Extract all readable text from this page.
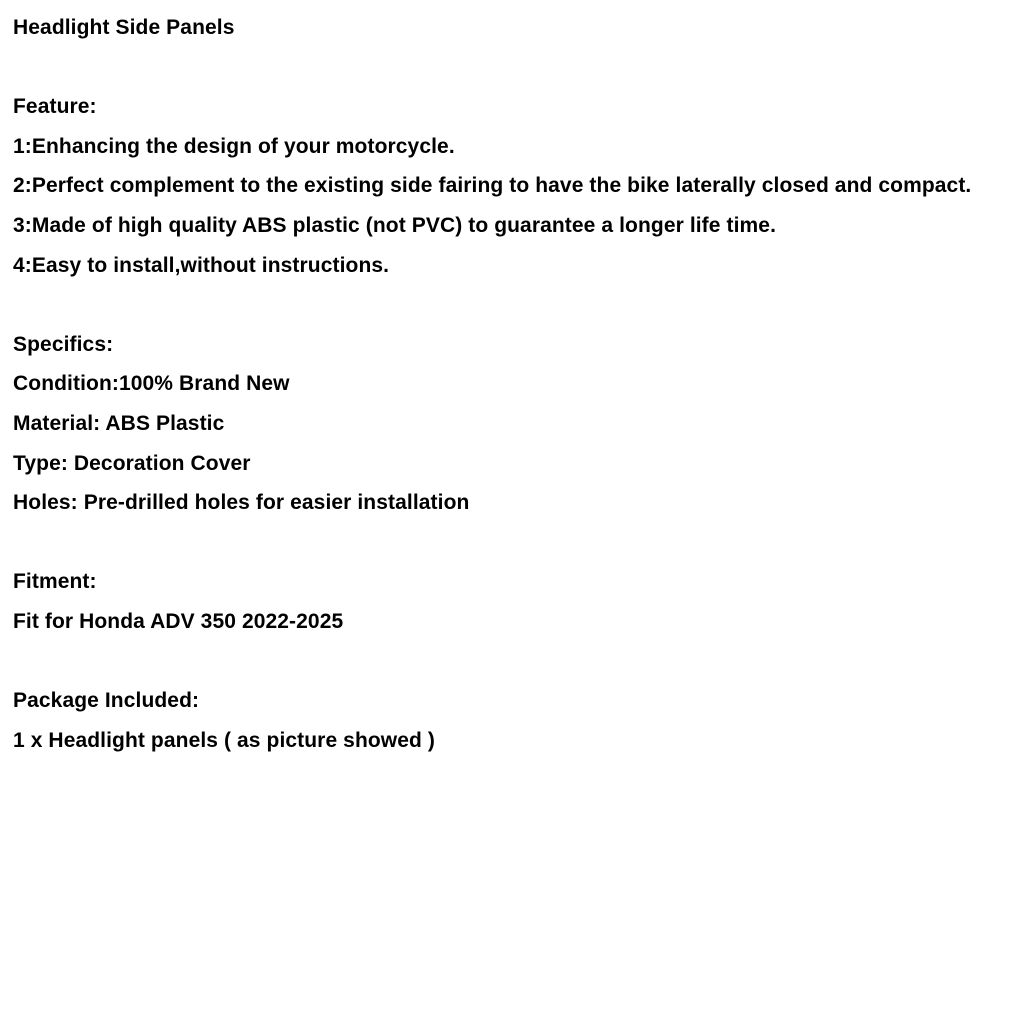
Headlight Side Panels
Feature:
1:Enhancing the design of your motorcycle.
2:Perfect complement to the existing side fairing to have the bike laterally closed and compact.
3:Made of high quality ABS plastic (not PVC) to guarantee a longer life time.
4:Easy to install,without instructions.
Specifics:
Condition:100% Brand New
Material: ABS Plastic
Type: Decoration Cover
Holes: Pre-drilled holes for easier installation
Fitment:
Fit for Honda ADV 350 2022-2025
Package Included:
1 x Headlight panels ( as picture showed )
